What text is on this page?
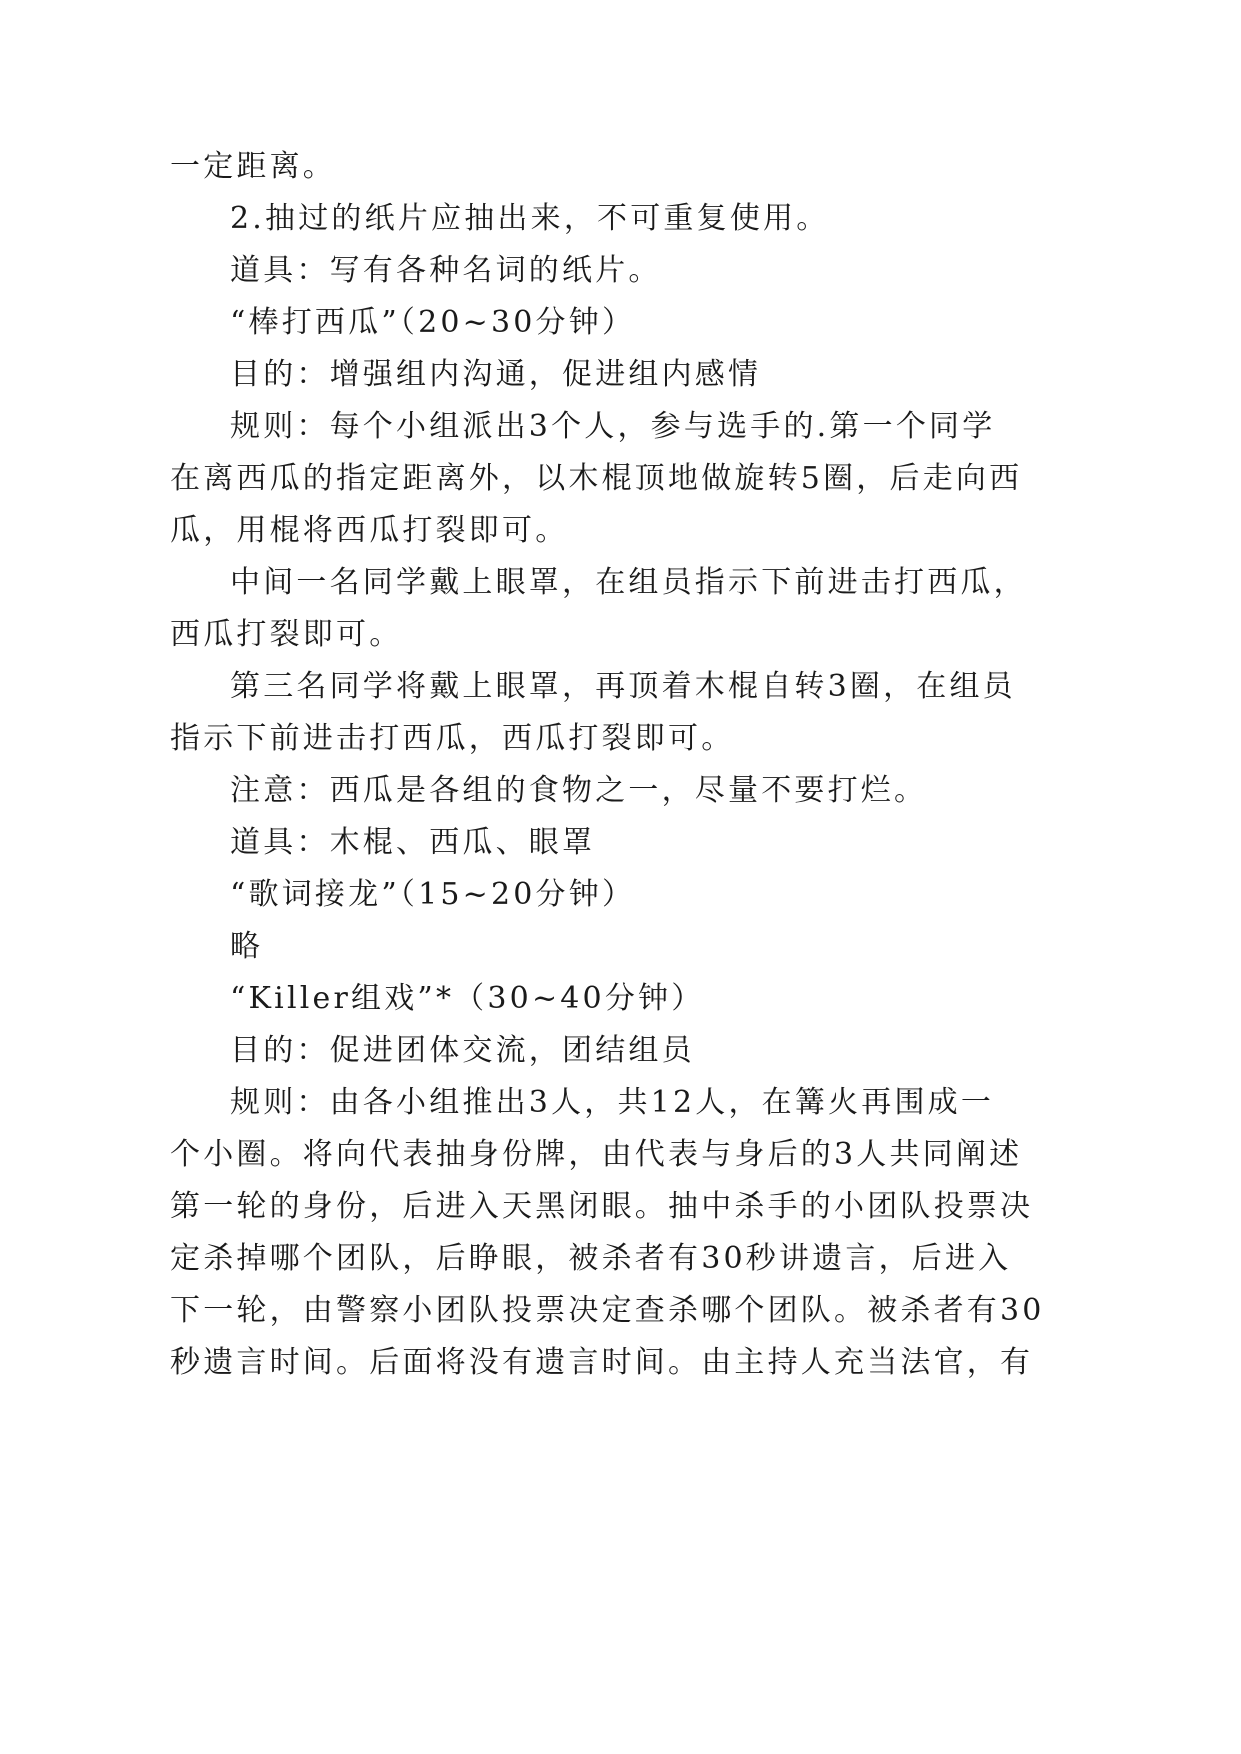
一定距离。
2.抽过的纸片应抽出来，不可重复使用。
道具：写有各种名词的纸片。
“棒打西瓜”（20~30分钟）
目的：增强组内沟通，促进组内感情
规则：每个小组派出3个人，参与选手的.第一个同学
在离西瓜的指定距离外，以木棍顶地做旋转5圈，后走向西
瓜，用棍将西瓜打裂即可。
中间一名同学戴上眼罩，在组员指示下前进击打西瓜，
西瓜打裂即可。
第三名同学将戴上眼罩，再顶着木棍自转3圈，在组员
指示下前进击打西瓜，西瓜打裂即可。
注意：西瓜是各组的食物之一，尽量不要打烂。
道具：木棍、西瓜、眼罩
“歌词接龙”（15~20分钟）
略
“Killer组戏”*（30~40分钟）
目的：促进团体交流，团结组员
规则：由各小组推出3人，共12人，在篝火再围成一
个小圈。将向代表抽身份牌，由代表与身后的3人共同阐述
第一轮的身份，后进入天黑闭眼。抽中杀手的小团队投票决
定杀掉哪个团队，后睁眼，被杀者有30秒讲遗言，后进入
下一轮，由警察小团队投票决定查杀哪个团队。被杀者有30
秒遗言时间。后面将没有遗言时间。由主持人充当法官，有
